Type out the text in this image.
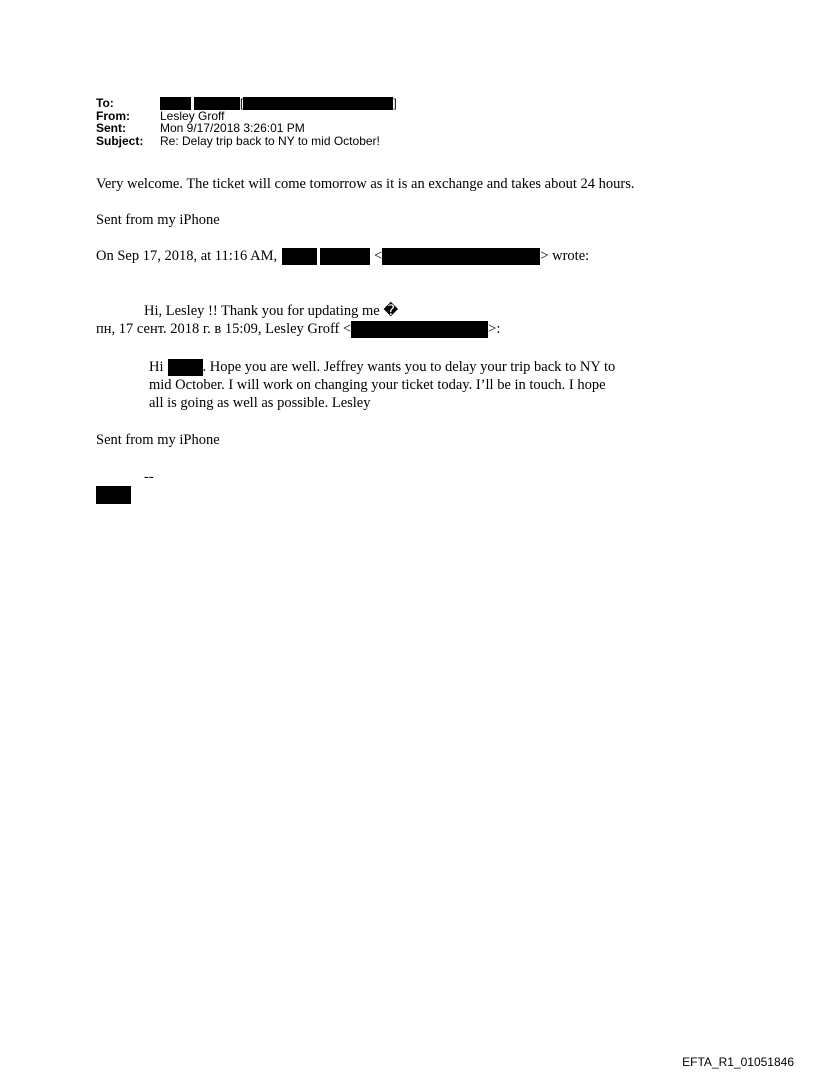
To:	[	]
From:	Lesley Groff
Sent:	Mon 9/17/2018 3:26:01 PM
Subject:	Re: Delay trip back to NY to mid October!
Very welcome. The ticket will come tomorrow as it is an exchange and takes about 24 hours.
Sent from my iPhone
On Sep 17, 2018, at 11:16 AM,	<	> wrote:
Hi, Lesley !! Thank you for updating me �
пн, 17 сент. 2018 г. в 15:09, Lesley Groff <	>:
Hi	. Hope you are well. Jeffrey wants you to delay your trip back to NY to
mid October. I will work on changing your ticket today. I’ll be in touch. I hope
all is going as well as possible. Lesley
Sent from my iPhone
--
EFTA_R1_01051846
